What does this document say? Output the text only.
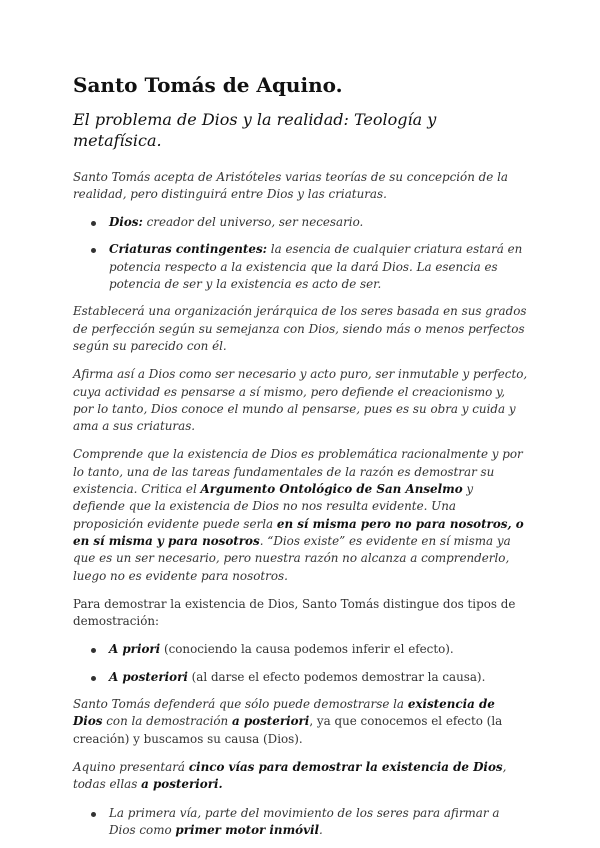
Santo Tomás de Aquino.
El problema de Dios y la realidad: Teología y metafísica.

Santo Tomás acepta de Aristóteles varias teorías de su concepción de la realidad, pero distinguirá entre Dios y las criaturas.

Dios: creador del universo, ser necesario.

Criaturas contingentes: la esencia de cualquier criatura estará en potencia respecto a la existencia que la dará Dios. La esencia es potencia de ser y la existencia es acto de ser.

Establecerá una organización jerárquica de los seres basada en sus grados de perfección según su semejanza con Dios, siendo más o menos perfectos según su parecido con él.

Afirma así a Dios como ser necesario y acto puro, ser inmutable y perfecto, cuya actividad es pensarse a sí mismo, pero defiende el creacionismo y, por lo tanto, Dios conoce el mundo al pensarse, pues es su obra y cuida y ama a sus criaturas.

Comprende que la existencia de Dios es problemática racionalmente y por lo tanto, una de las tareas fundamentales de la razón es demostrar su existencia. Critica el Argumento Ontológico de San Anselmo y defiende que la existencia de Dios no nos resulta evidente. Una proposición evidente puede serla en sí misma pero no para nosotros, o en sí misma y para nosotros. “Dios existe” es evidente en sí misma ya que es un ser necesario, pero nuestra razón no alcanza a comprenderlo, luego no es evidente para nosotros.

Para demostrar la existencia de Dios, Santo Tomás distingue dos tipos de demostración:

A priori (conociendo la causa podemos inferir el efecto).

A posteriori (al darse el efecto podemos demostrar la causa).

Santo Tomás defenderá que sólo puede demostrarse la existencia de Dios con la demostración a posteriori, ya que conocemos el efecto (la creación) y buscamos su causa (Dios).

Aquino presentará cinco vías para demostrar la existencia de Dios, todas ellas a posteriori.

La primera vía, parte del movimiento de los seres para afirmar a Dios como primer motor inmóvil.
